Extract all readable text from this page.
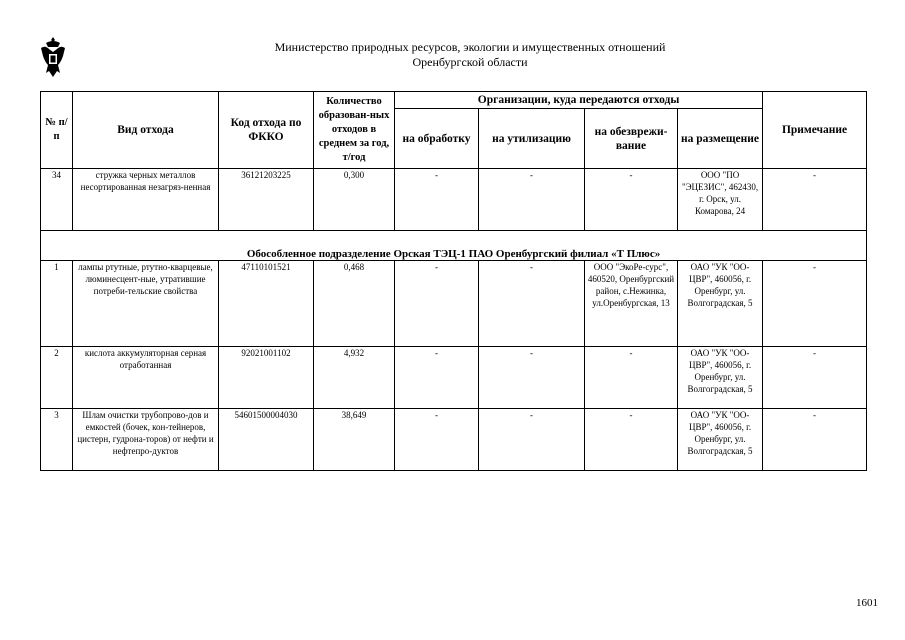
Министерство природных ресурсов, экологии и имущественных отношений
Оренбургской области
№ п/п	Вид отхода	Код отхода по ФККО	Количество образован-ных отходов в среднем за год, т/год	Организации, куда передаются отходы				Примечание
				на обработку	на утилизацию	на обезврежи-вание	на размещение	
34	стружка черных металлов несортированная незагряз-ненная	36121203225	0,300	-	-	-	ООО "ПО "ЭЦЕЗИС", 462430, г. Орск, ул. Комарова, 24	-
Обособленное подразделение Орская ТЭЦ-1 ПАО Оренбургский филиал «Т Плюс»								
1	лампы ртутные, ртутно-кварцевые, люминесцент-ные, утратившие потреби-тельские свойства	47110101521	0,468	-	-	ООО "ЭкоРе-сурс", 460520, Оренбургский район, с.Нежинка, ул.Оренбургская, 13	ОАО "УК "ОО-ЦВР", 460056, г. Оренбург, ул. Волгоградская, 5	-
2	кислота аккумуляторная серная отработанная	92021001102	4,932	-	-	-	ОАО "УК "ОО-ЦВР", 460056, г. Оренбург, ул. Волгоградская, 5	-
3	Шлам очистки трубопрово-дов и емкостей (бочек, кон-тейнеров, цистерн, гудрона-торов) от нефти и нефтепро-дуктов	54601500004030	38,649	-	-	-	ОАО "УК "ОО-ЦВР", 460056, г. Оренбург, ул. Волгоградская, 5	-
1601
